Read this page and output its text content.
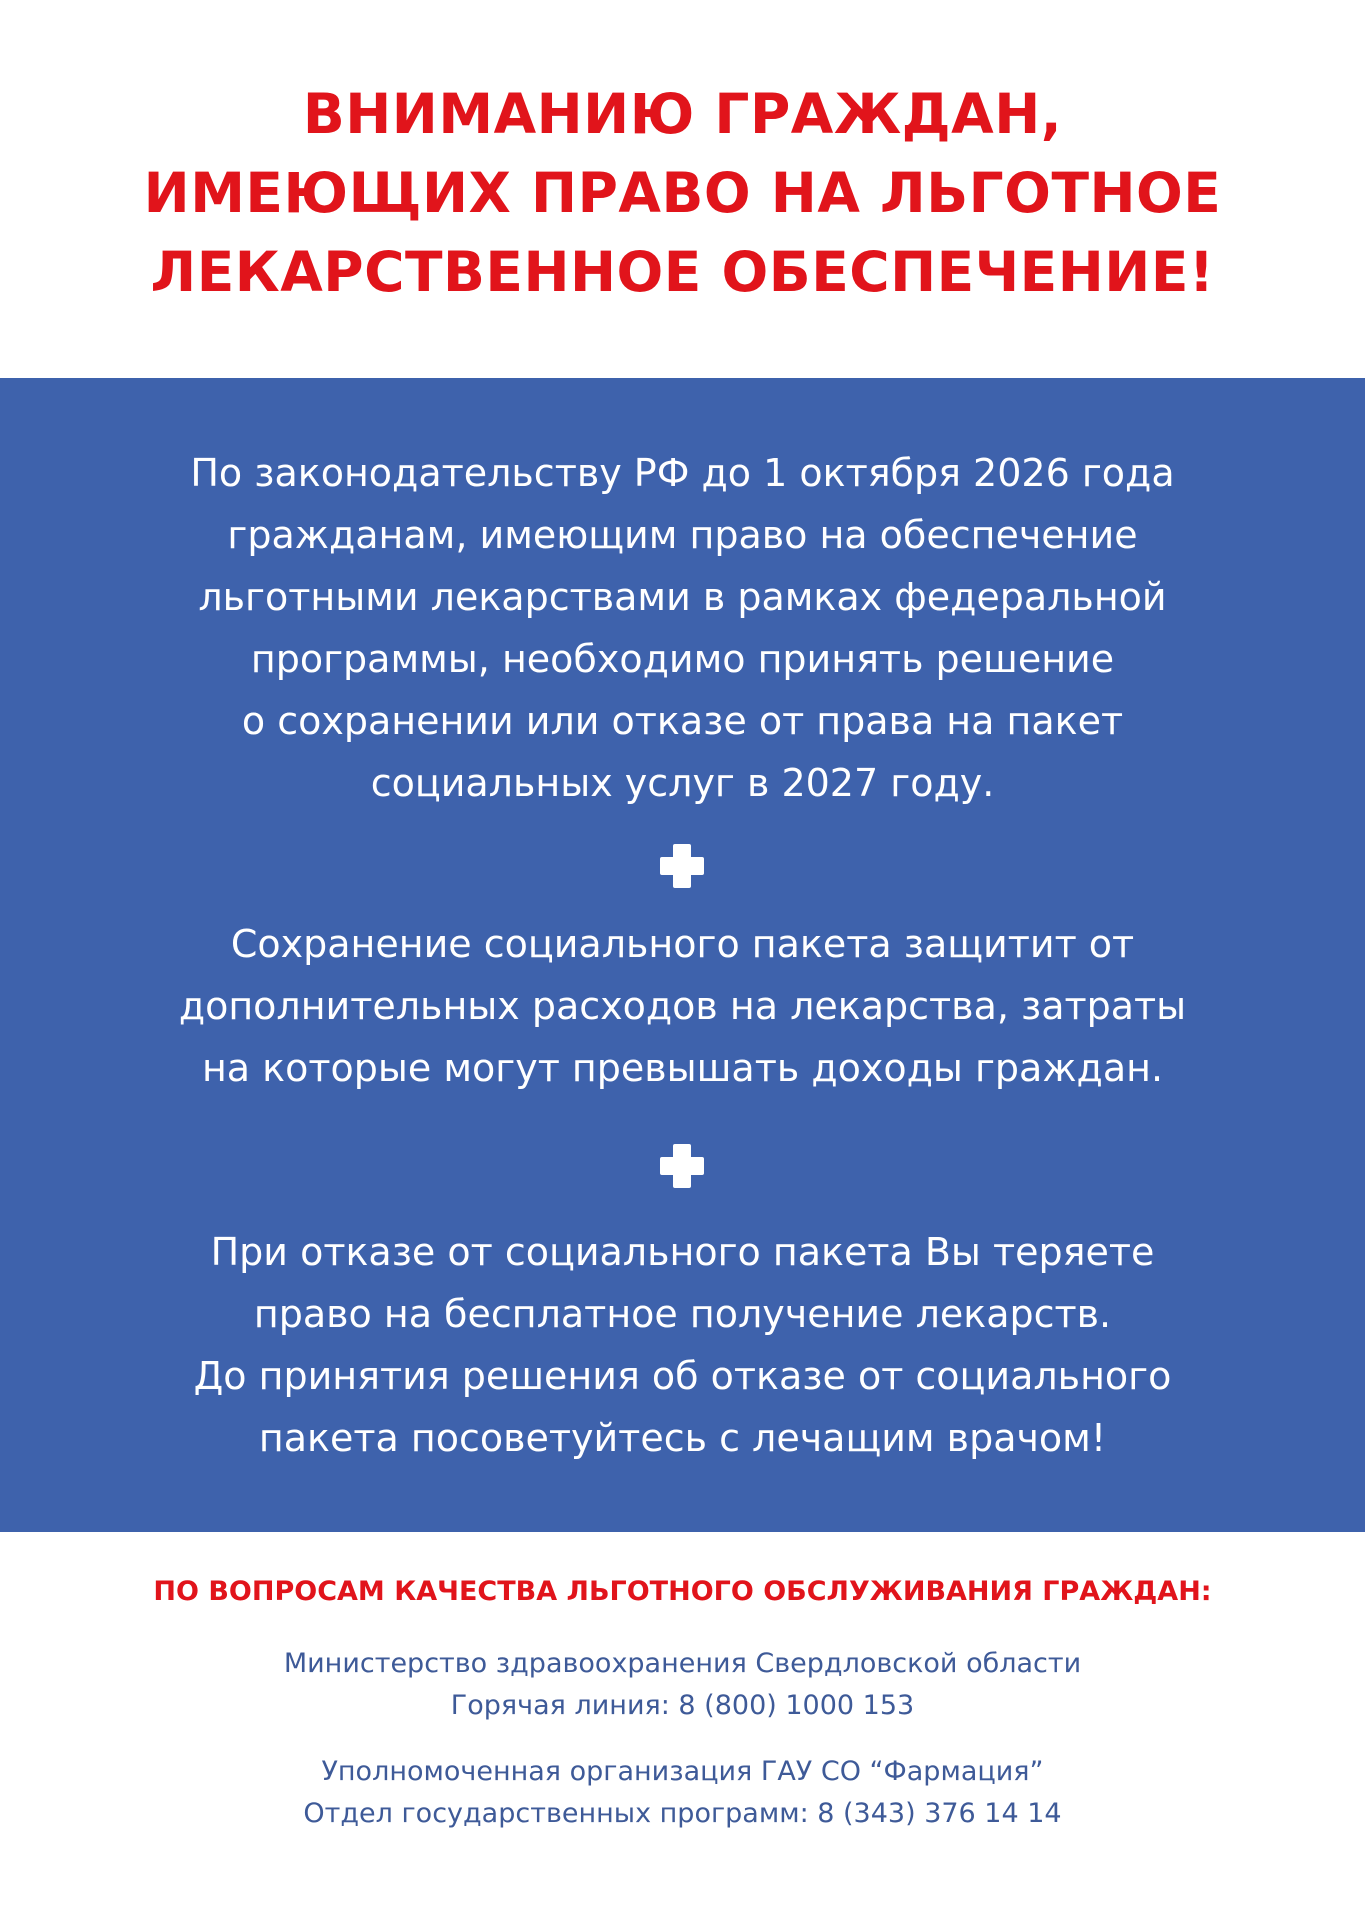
ВНИМАНИЮ ГРАЖДАН,
ИМЕЮЩИХ ПРАВО НА ЛЬГОТНОЕ
ЛЕКАРСТВЕННОЕ ОБЕСПЕЧЕНИЕ!

По законодательству РФ до 1 октября 2026 года
гражданам, имеющим право на обеспечение
льготными лекарствами в рамках федеральной
программы, необходимо принять решение
о сохранении или отказе от права на пакет
социальных услуг в 2027 году.

Сохранение социального пакета защитит от
дополнительных расходов на лекарства, затраты
на которые могут превышать доходы граждан.

При отказе от социального пакета Вы теряете
право на бесплатное получение лекарств.
До принятия решения об отказе от социального
пакета посоветуйтесь с лечащим врачом!

ПО ВОПРОСАМ КАЧЕСТВА ЛЬГОТНОГО ОБСЛУЖИВАНИЯ ГРАЖДАН:
Министерство здравоохранения Свердловской области
Горячая линия: 8 (800) 1000 153
Уполномоченная организация ГАУ СО “Фармация”
Отдел государственных программ: 8 (343) 376 14 14
